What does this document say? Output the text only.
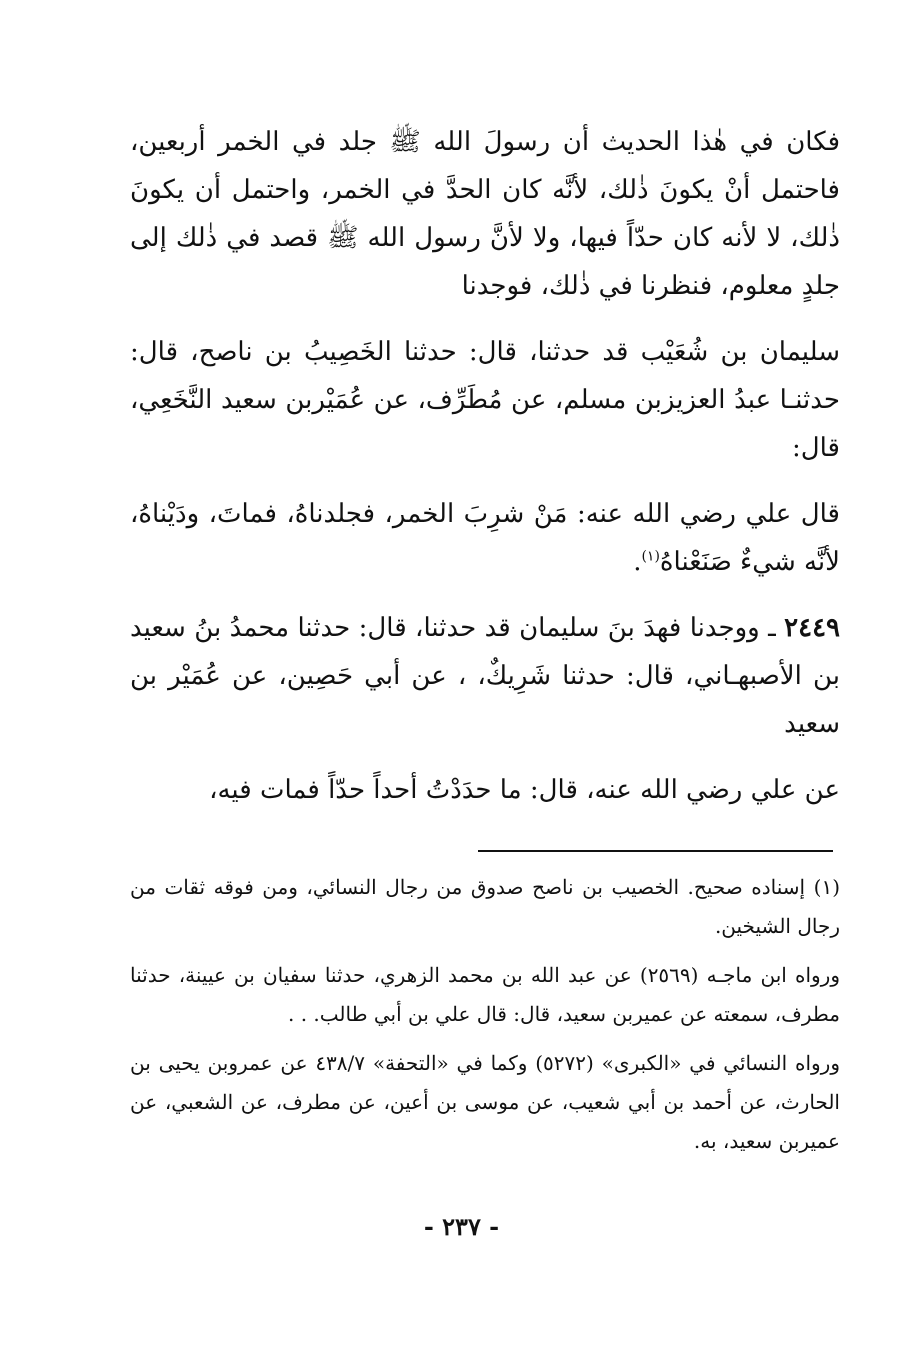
فكان في هٰذا الحديث أن رسولَ الله ﷺ جلد في الخمر أربعين، فاحتمل أنْ يكونَ ذٰلك، لأنَّه كان الحدَّ في الخمر، واحتمل أن يكونَ ذٰلك، لا لأنه كان حدّاً فيها، ولا لأنَّ رسول الله ﷺ قصد في ذٰلك إلى جلدٍ معلوم، فنظرنا في ذٰلك، فوجدنا

سليمان بن شُعَيْب قد حدثنا، قال: حدثنا الخَصِيبُ بن ناصح، قال: حدثنـا عبدُ العزيزبن مسلم، عن مُطَرِّف، عن عُمَيْربن سعيد النَّخَعِي، قال:

قال علي رضي الله عنه: مَنْ شرِبَ الخمر، فجلدناهُ، فماتَ، ودَيْناهُ، لأنَّه شيءٌ صَنَعْناهُ$^{(١)}$.

٢٤٤٩ ـ ووجدنا فهدَ بنَ سليمان قد حدثنا، قال: حدثنا محمدُ بنُ سعيد بن الأصبهـاني، قال: حدثنا شَرِيكٌ، ، عن أبي حَصِين، عن عُمَيْر بن سعيد

عن علي رضي الله عنه، قال: ما حدَدْتُ أحداً حدّاً فمات فيه،

(١) إسناده صحيح. الخصيب بن ناصح صدوق من رجال النسائي، ومن فوقه ثقات من رجال الشيخين.

ورواه ابن ماجـه (٢٥٦٩) عن عبد الله بن محمد الزهري، حدثنا سفيان بن عيينة، حدثنا مطرف، سمعته عن عميربن سعيد، قال: قال علي بن أبي طالب. . .

ورواه النسائي في «الكبرى» (٥٢٧٢) وكما في «التحفة» ٤٣٨/٧ عن عمروبن يحيى بن الحارث، عن أحمد بن أبي شعيب، عن موسى بن أعين، عن مطرف، عن الشعبي، عن عميربن سعيد، به.

- ٢٣٧ -
